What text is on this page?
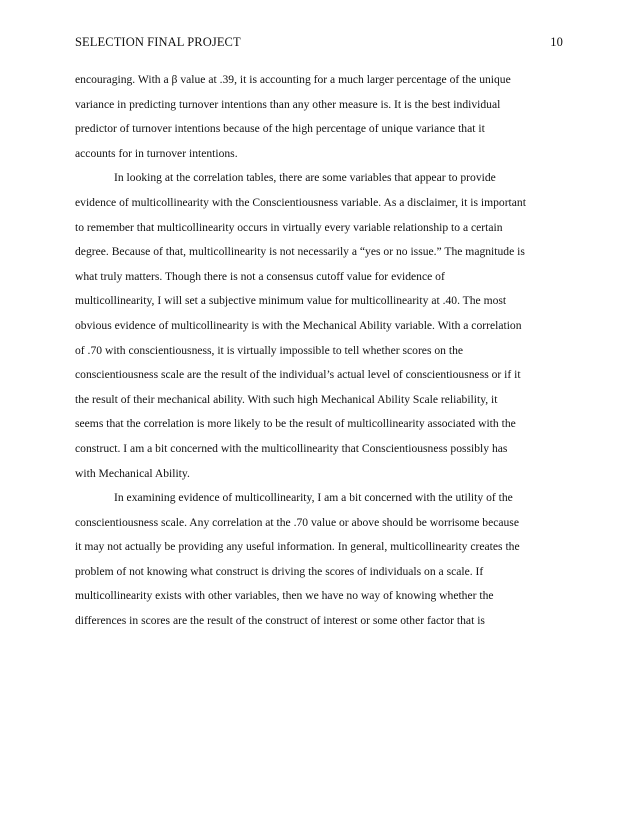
SELECTION FINAL PROJECT	10
encouraging. With a β value at .39, it is accounting for a much larger percentage of the unique
variance in predicting turnover intentions than any other measure is. It is the best individual
predictor of turnover intentions because of the high percentage of unique variance that it
accounts for in turnover intentions.
In looking at the correlation tables, there are some variables that appear to provide
evidence of multicollinearity with the Conscientiousness variable. As a disclaimer, it is important
to remember that multicollinearity occurs in virtually every variable relationship to a certain
degree. Because of that, multicollinearity is not necessarily a “yes or no issue.” The magnitude is
what truly matters. Though there is not a consensus cutoff value for evidence of
multicollinearity, I will set a subjective minimum value for multicollinearity at .40. The most
obvious evidence of multicollinearity is with the Mechanical Ability variable. With a correlation
of .70 with conscientiousness, it is virtually impossible to tell whether scores on the
conscientiousness scale are the result of the individual’s actual level of conscientiousness or if it
the result of their mechanical ability. With such high Mechanical Ability Scale reliability, it
seems that the correlation is more likely to be the result of multicollinearity associated with the
construct. I am a bit concerned with the multicollinearity that Conscientiousness possibly has
with Mechanical Ability.
In examining evidence of multicollinearity, I am a bit concerned with the utility of the
conscientiousness scale. Any correlation at the .70 value or above should be worrisome because
it may not actually be providing any useful information. In general, multicollinearity creates the
problem of not knowing what construct is driving the scores of individuals on a scale. If
multicollinearity exists with other variables, then we have no way of knowing whether the
differences in scores are the result of the construct of interest or some other factor that is
